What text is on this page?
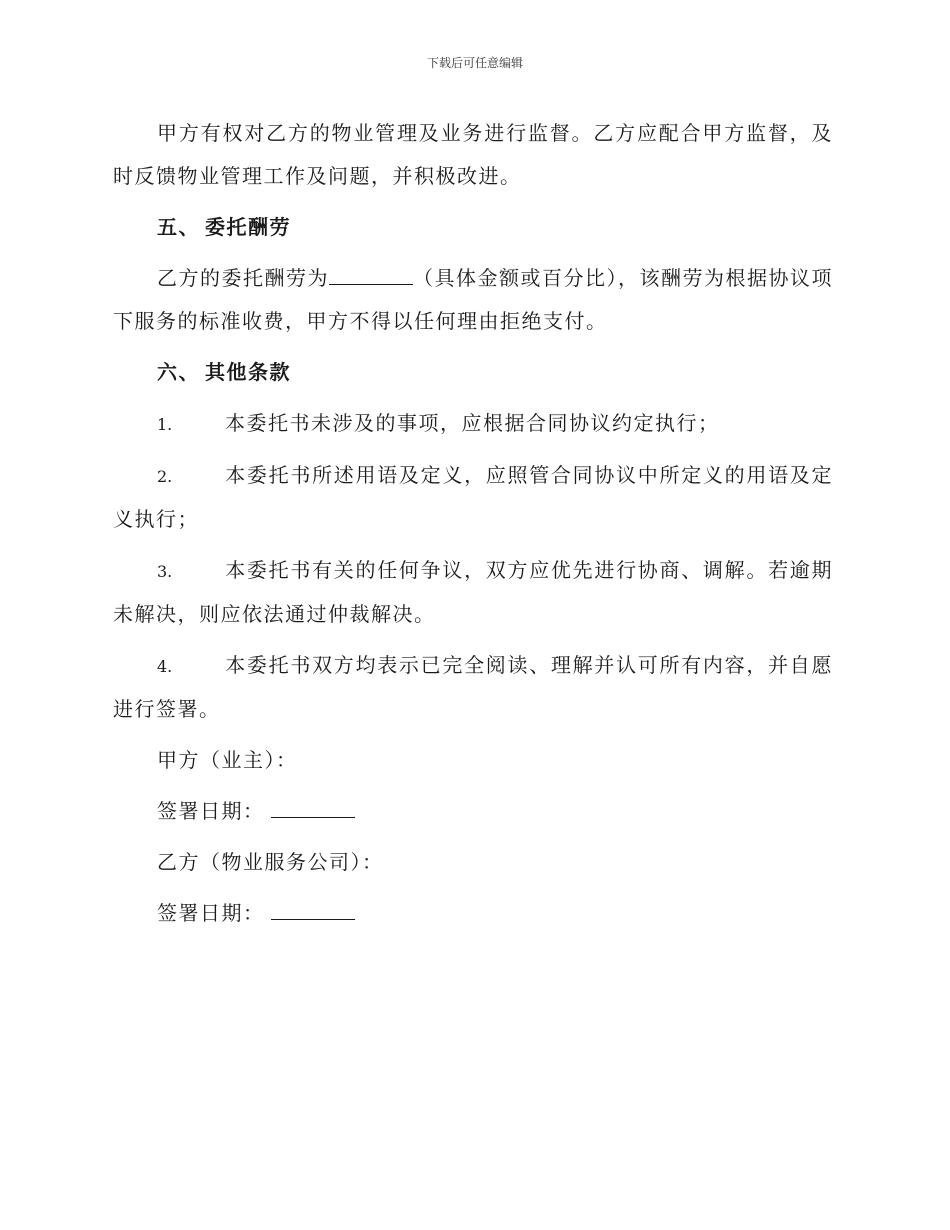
下载后可任意编辑

甲方有权对乙方的物业管理及业务进行监督。乙方应配合甲方监督，及时反馈物业管理工作及问题，并积极改进。

五、 委托酬劳

乙方的委托酬劳为	（具体金额或百分比），该酬劳为根据协议项下服务的标准收费，甲方不得以任何理由拒绝支付。

六、 其他条款

1.	本委托书未涉及的事项，应根据合同协议约定执行；

2.	本委托书所述用语及定义，应照管合同协议中所定义的用语及定义执行；

3.	本委托书有关的任何争议，双方应优先进行协商、调解。若逾期未解决，则应依法通过仲裁解决。

4.	本委托书双方均表示已完全阅读、理解并认可所有内容，并自愿进行签署。

甲方（业主）：
签署日期：
乙方（物业服务公司）：
签署日期：
